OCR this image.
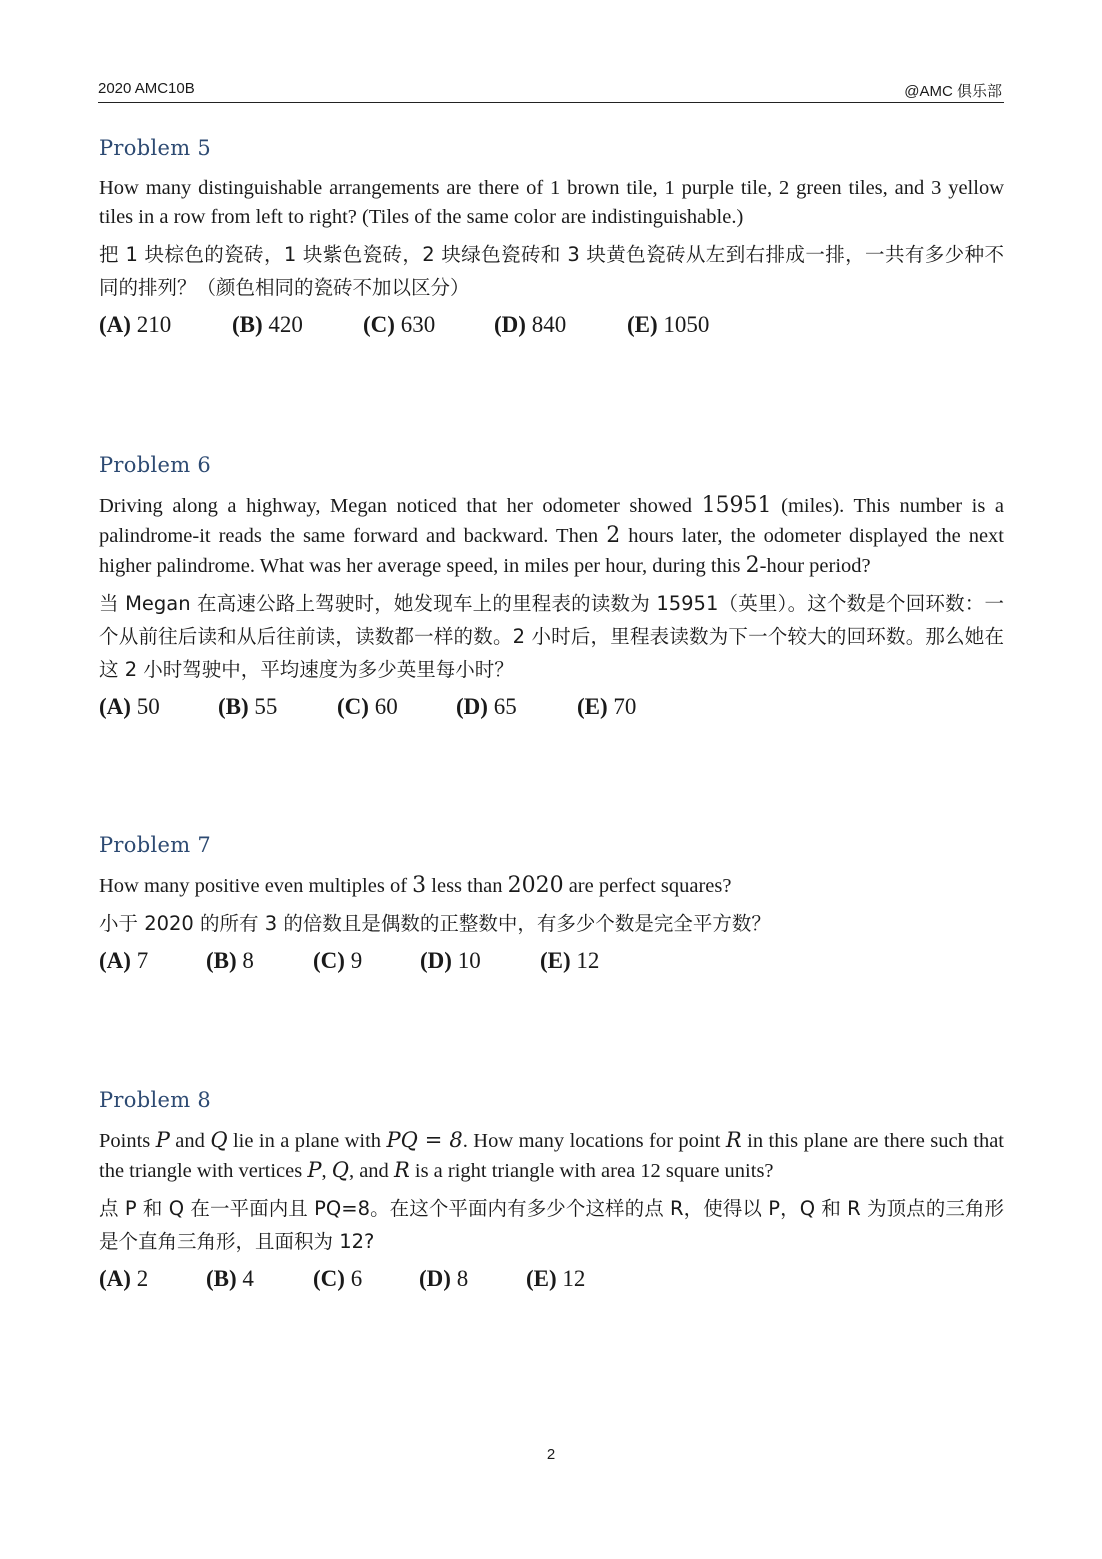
2020 AMC10B	@AMC 俱乐部
Problem 5

How many distinguishable arrangements are there of 1 brown tile, 1 purple tile, 2 green tiles, and 3 yellow tiles in a row from left to right? (Tiles of the same color are indistinguishable.)

把 1 块棕色的瓷砖，1 块紫色瓷砖，2 块绿色瓷砖和 3 块黄色瓷砖从左到右排成一排，一共有多少种不同的排列？（颜色相同的瓷砖不加以区分）

(A) 210	(B) 420	(C) 630	(D) 840	(E) 1050
Problem 6

Driving along a highway, Megan noticed that her odometer showed 15951 (miles). This number is a palindrome-it reads the same forward and backward. Then 2 hours later, the odometer displayed the next higher palindrome. What was her average speed, in miles per hour, during this 2-hour period?

当 Megan 在高速公路上驾驶时，她发现车上的里程表的读数为 15951（英里）。这个数是个回环数：一个从前往后读和从后往前读，读数都一样的数。2 小时后，里程表读数为下一个较大的回环数。那么她在这 2 小时驾驶中，平均速度为多少英里每小时？

(A) 50	(B) 55	(C) 60	(D) 65	(E) 70
Problem 7

How many positive even multiples of 3 less than 2020 are perfect squares?

小于 2020 的所有 3 的倍数且是偶数的正整数中，有多少个数是完全平方数？

(A) 7	(B) 8	(C) 9	(D) 10	(E) 12
Problem 8

Points P and Q lie in a plane with PQ = 8. How many locations for point R in this plane are there such that the triangle with vertices P, Q, and R is a right triangle with area 12 square units?

点 P 和 Q 在一平面内且 PQ=8。在这个平面内有多少个这样的点 R，使得以 P，Q 和 R 为顶点的三角形是个直角三角形，且面积为 12?

(A) 2	(B) 4	(C) 6	(D) 8	(E) 12
2
